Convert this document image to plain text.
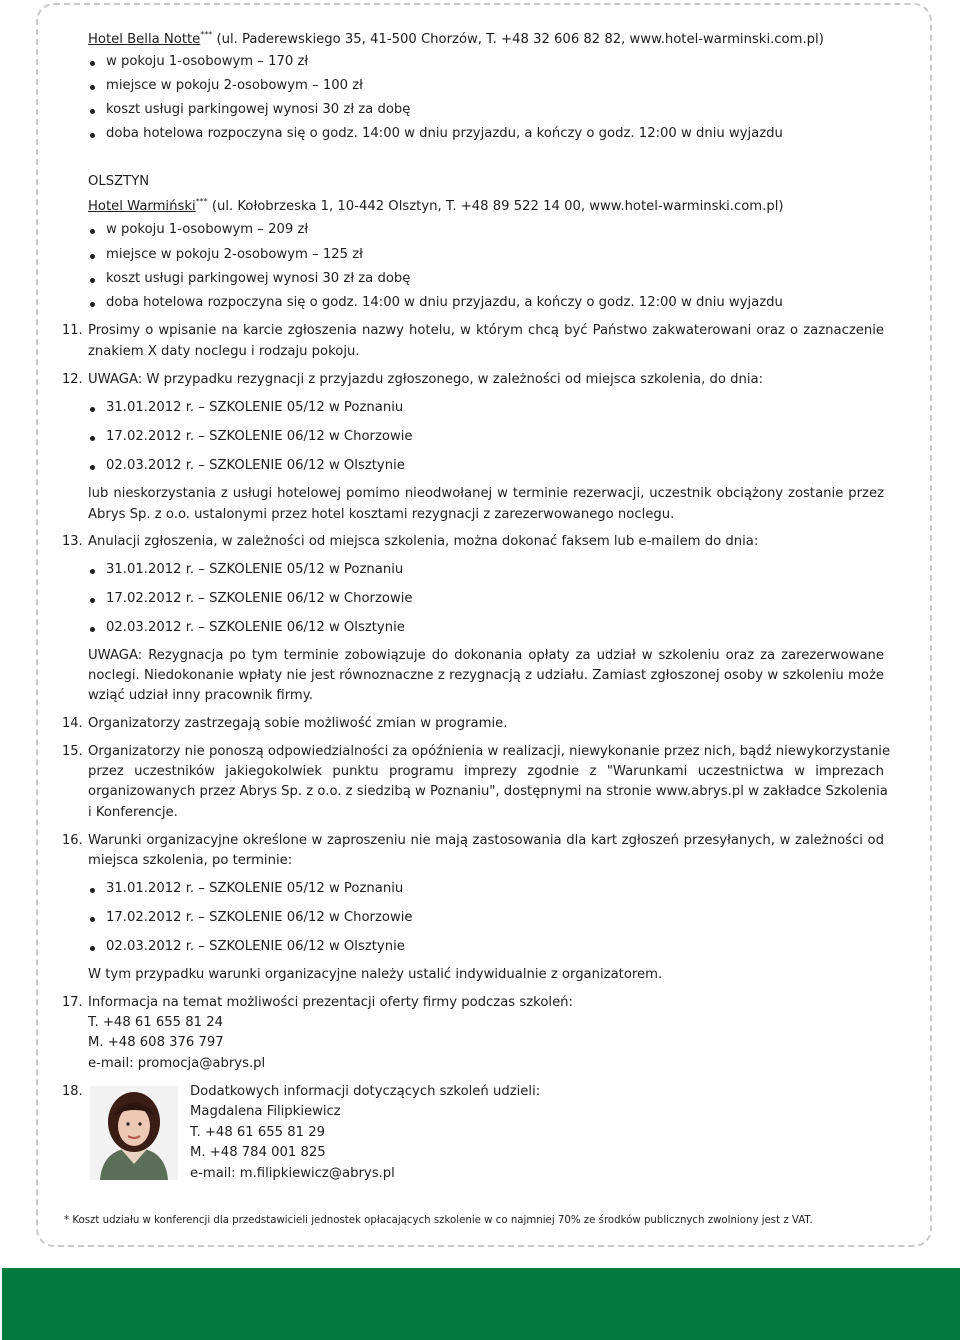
Hotel Bella Notte*** (ul. Paderewskiego 35, 41-500 Chorzów, T. +48 32 606 82 82, www.hotel-warminski.com.pl)
w pokoju 1-osobowym – 170 zł
miejsce w pokoju 2-osobowym – 100 zł
koszt usługi parkingowej wynosi 30 zł za dobę
doba hotelowa rozpoczyna się o godz. 14:00 w dniu przyjazdu, a kończy o godz. 12:00 w dniu wyjazdu
OLSZTYN
Hotel Warmiński*** (ul. Kołobrzeska 1, 10-442 Olsztyn, T. +48 89 522 14 00, www.hotel-warminski.com.pl)
w pokoju 1-osobowym – 209 zł
miejsce w pokoju 2-osobowym – 125 zł
koszt usługi parkingowej wynosi 30 zł za dobę
doba hotelowa rozpoczyna się o godz. 14:00 w dniu przyjazdu, a kończy o godz. 12:00 w dniu wyjazdu
11. Prosimy o wpisanie na karcie zgłoszenia nazwy hotelu, w którym chcą być Państwo zakwaterowani oraz o zaznaczenie
znakiem X daty noclegu i rodzaju pokoju.
12. UWAGA: W przypadku rezygnacji z przyjazdu zgłoszonego, w zależności od miejsca szkolenia, do dnia:
31.01.2012 r. – SZKOLENIE 05/12 w Poznaniu
17.02.2012 r. – SZKOLENIE 06/12 w Chorzowie
02.03.2012 r. – SZKOLENIE 06/12 w Olsztynie
lub nieskorzystania z usługi hotelowej pomimo nieodwołanej w terminie rezerwacji, uczestnik obciążony zostanie przez
Abrys Sp. z o.o. ustalonymi przez hotel kosztami rezygnacji z zarezerwowanego noclegu.
13. Anulacji zgłoszenia, w zależności od miejsca szkolenia, można dokonać faksem lub e-mailem do dnia:
31.01.2012 r. – SZKOLENIE 05/12 w Poznaniu
17.02.2012 r. – SZKOLENIE 06/12 w Chorzowie
02.03.2012 r. – SZKOLENIE 06/12 w Olsztynie
UWAGA: Rezygnacja po tym terminie zobowiązuje do dokonania opłaty za udział w szkoleniu oraz za zarezerwowane
noclegi. Niedokonanie wpłaty nie jest równoznaczne z rezygnacją z udziału. Zamiast zgłoszonej osoby w szkoleniu może
wziąć udział inny pracownik firmy.
14. Organizatorzy zastrzegają sobie możliwość zmian w programie.
15. Organizatorzy nie ponoszą odpowiedzialności za opóźnienia w realizacji, niewykonanie przez nich, bądź niewykorzystanie
przez uczestników jakiegokolwiek punktu programu imprezy zgodnie z "Warunkami uczestnictwa w imprezach
organizowanych przez Abrys Sp. z o.o. z siedzibą w Poznaniu", dostępnymi na stronie www.abrys.pl w zakładce Szkolenia
i Konferencje.
16. Warunki organizacyjne określone w zaproszeniu nie mają zastosowania dla kart zgłoszeń przesyłanych, w zależności od
miejsca szkolenia, po terminie:
31.01.2012 r. – SZKOLENIE 05/12 w Poznaniu
17.02.2012 r. – SZKOLENIE 06/12 w Chorzowie
02.03.2012 r. – SZKOLENIE 06/12 w Olsztynie
W tym przypadku warunki organizacyjne należy ustalić indywidualnie z organizatorem.
17. Informacja na temat możliwości prezentacji oferty firmy podczas szkoleń:
T. +48 61 655 81 24
M. +48 608 376 797
e-mail: promocja@abrys.pl
18.	Dodatkowych informacji dotyczących szkoleń udzieli:
Magdalena Filipkiewicz
T. +48 61 655 81 29
M. +48 784 001 825
e-mail: m.filipkiewicz@abrys.pl
* Koszt udziału w konferencji dla przedstawicieli jednostek opłacających szkolenie w co najmniej 70% ze środków publicznych zwolniony jest z VAT.
